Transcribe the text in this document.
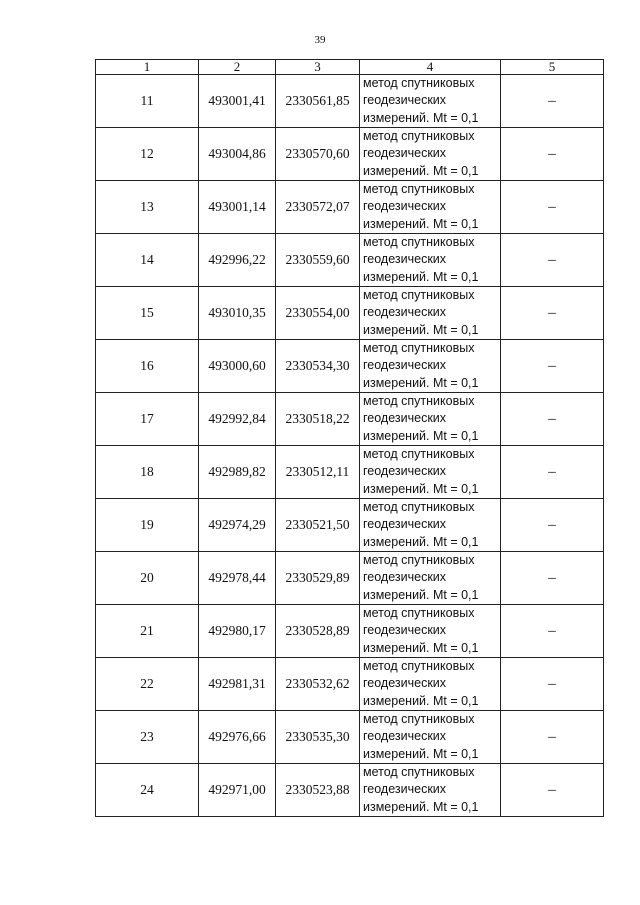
39
1	2	3	4	5
11	493001,41	2330561,85	метод спутниковых
геодезических
измерений. Mt = 0,1	–
12	493004,86	2330570,60	метод спутниковых
геодезических
измерений. Mt = 0,1	–
13	493001,14	2330572,07	метод спутниковых
геодезических
измерений. Mt = 0,1	–
14	492996,22	2330559,60	метод спутниковых
геодезических
измерений. Mt = 0,1	–
15	493010,35	2330554,00	метод спутниковых
геодезических
измерений. Mt = 0,1	–
16	493000,60	2330534,30	метод спутниковых
геодезических
измерений. Mt = 0,1	–
17	492992,84	2330518,22	метод спутниковых
геодезических
измерений. Mt = 0,1	–
18	492989,82	2330512,11	метод спутниковых
геодезических
измерений. Mt = 0,1	–
19	492974,29	2330521,50	метод спутниковых
геодезических
измерений. Mt = 0,1	–
20	492978,44	2330529,89	метод спутниковых
геодезических
измерений. Mt = 0,1	–
21	492980,17	2330528,89	метод спутниковых
геодезических
измерений. Mt = 0,1	–
22	492981,31	2330532,62	метод спутниковых
геодезических
измерений. Mt = 0,1	–
23	492976,66	2330535,30	метод спутниковых
геодезических
измерений. Mt = 0,1	–
24	492971,00	2330523,88	метод спутниковых
геодезических
измерений. Mt = 0,1	–
